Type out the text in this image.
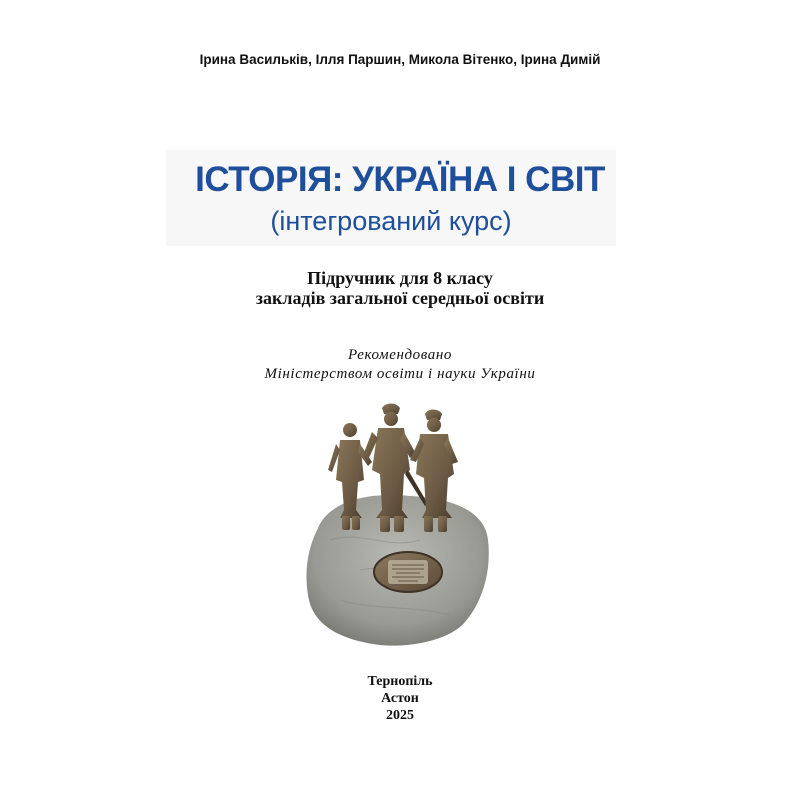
Ірина Васильків, Ілля Паршин, Микола Вітенко, Ірина Димій
ІСТОРІЯ: УКРАЇНА І СВІТ
(інтегрований курс)
Підручник для 8 класу
закладів загальної середньої освіти
Рекомендовано
Міністерством освіти і науки України
Тернопіль
Астон
2025
